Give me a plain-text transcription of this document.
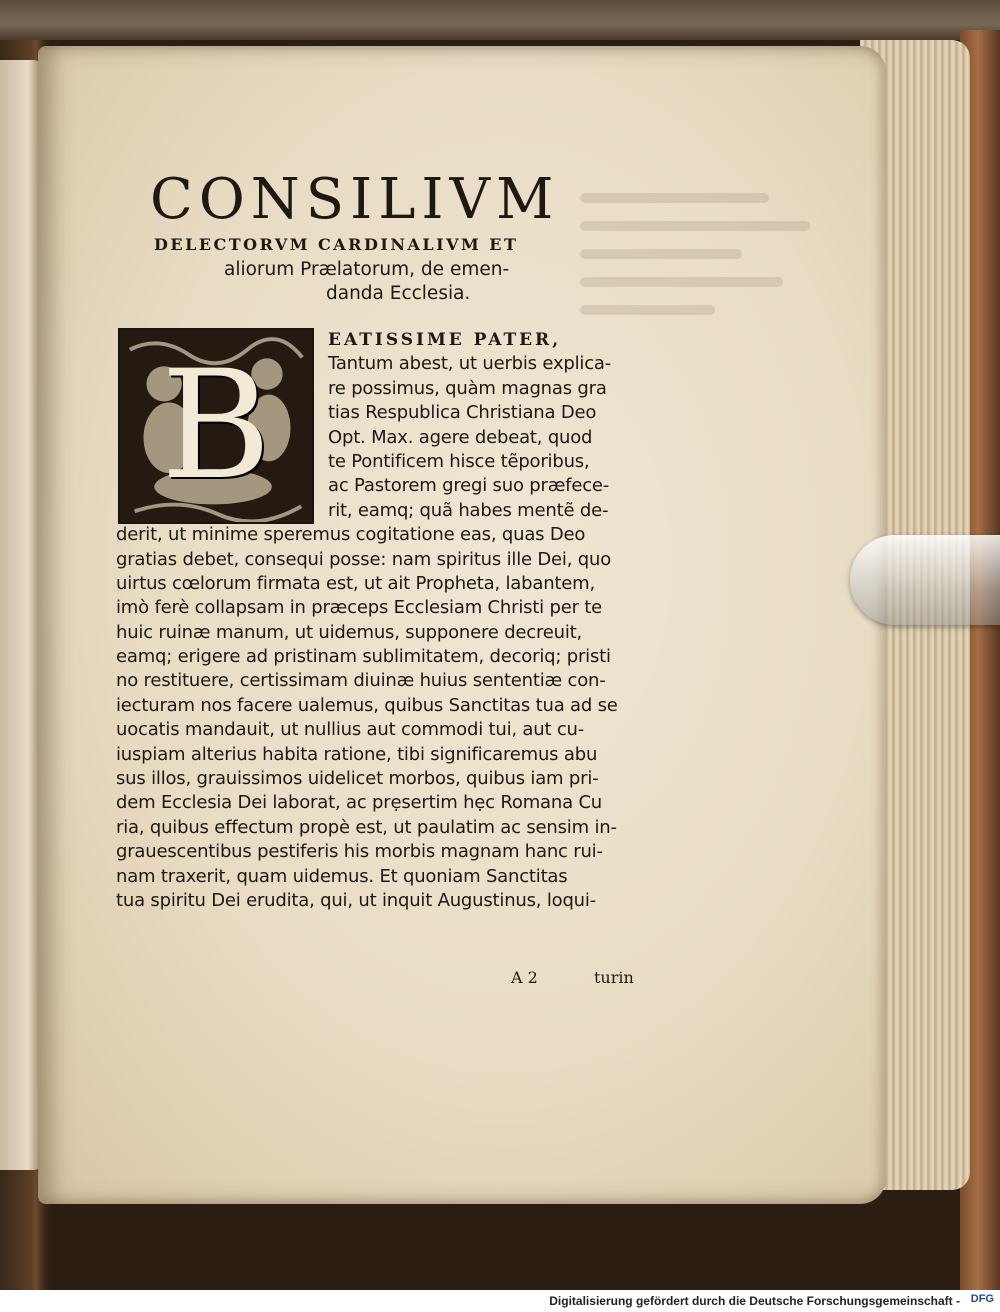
CONSILIVM
DELECTORVM CARDINALIVM ET
aliorum Prælatorum, de emen-
danda Ecclesia.
B	EATISSIME PATER,
Tantum abest, ut uerbis explica-
re possimus, quàm magnas gra
tias Respublica Christiana Deo
Opt. Max. agere debeat, quod
te Pontificem hisce tẽporibus,
ac Pastorem gregi suo præfece-
rit, eamq; quã habes mentẽ de-
derit, ut minime speremus cogitatione eas, quas Deo
gratias debet, consequi posse: nam spiritus ille Dei, quo
uirtus cœlorum firmata est, ut ait Propheta, labantem,
imò ferè collapsam in præceps Ecclesiam Christi per te
huic ruinæ manum, ut uidemus, supponere decreuit,
eamq; erigere ad pristinam sublimitatem, decoriq; pristi
no restituere, certissimam diuinæ huius sententiæ con-
iecturam nos facere ualemus, quibus Sanctitas tua ad se
uocatis mandauit, ut nullius aut commodi tui, aut cu-
iuspiam alterius habita ratione, tibi significaremus abu
sus illos, grauissimos uidelicet morbos, quibus iam pri-
dem Ecclesia Dei laborat, ac prẹsertim hẹc Romana Cu
ria, quibus effectum propè est, ut paulatim ac sensim in-
grauescentibus pestiferis his morbis magnam hanc rui-
nam traxerit, quam uidemus. Et quoniam Sanctitas
tua spiritu Dei erudita, qui, ut inquit Augustinus, loqui-
A 2	turin
Digitalisierung gefördert durch die Deutsche Forschungsgemeinschaft - DFG
